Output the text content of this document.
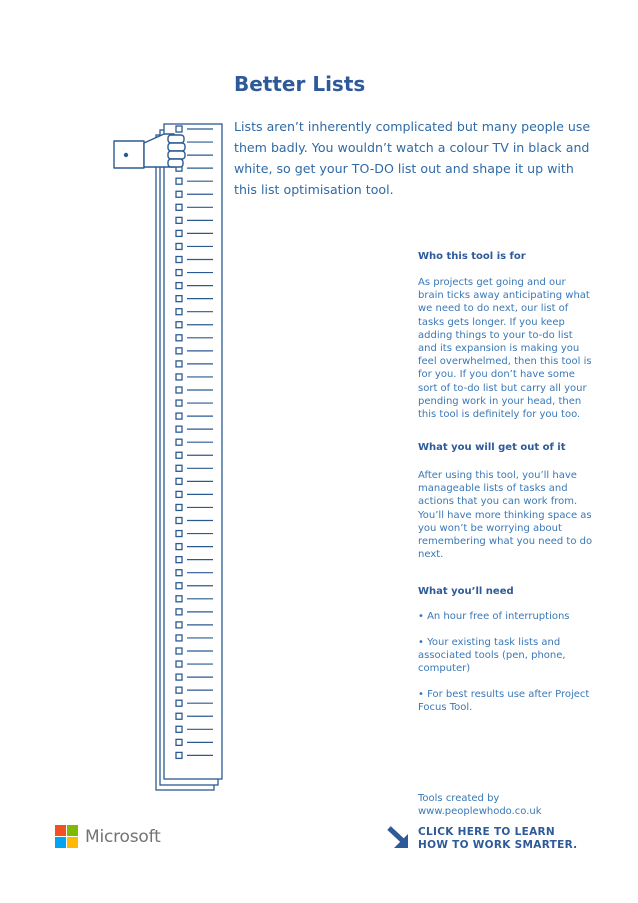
Better Lists

Lists aren’t inherently complicated but many people use them badly. You wouldn’t watch a colour TV in black and white, so get your TO-DO list out and shape it up with this list optimisation tool.

Who this tool is for

As projects get going and our brain ticks away anticipating what we need to do next, our list of tasks gets longer. If you keep adding things to your to-do list and its expansion is making you feel overwhelmed, then this tool is for you. If you don’t have some sort of to-do list but carry all your pending work in your head, then this tool is definitely for you too.

What you will get out of it

After using this tool, you’ll have manageable lists of tasks and actions that you can work from. You’ll have more thinking space as you won’t be worrying about remembering what you need to do next.

What you’ll need

• An hour free of interruptions

• Your existing task lists and associated tools (pen, phone, computer)

• For best results use after Project Focus Tool.

Tools created by
www.peoplewhodo.co.uk
CLICK HERE TO LEARN
HOW TO WORK SMARTER.
Microsoft
